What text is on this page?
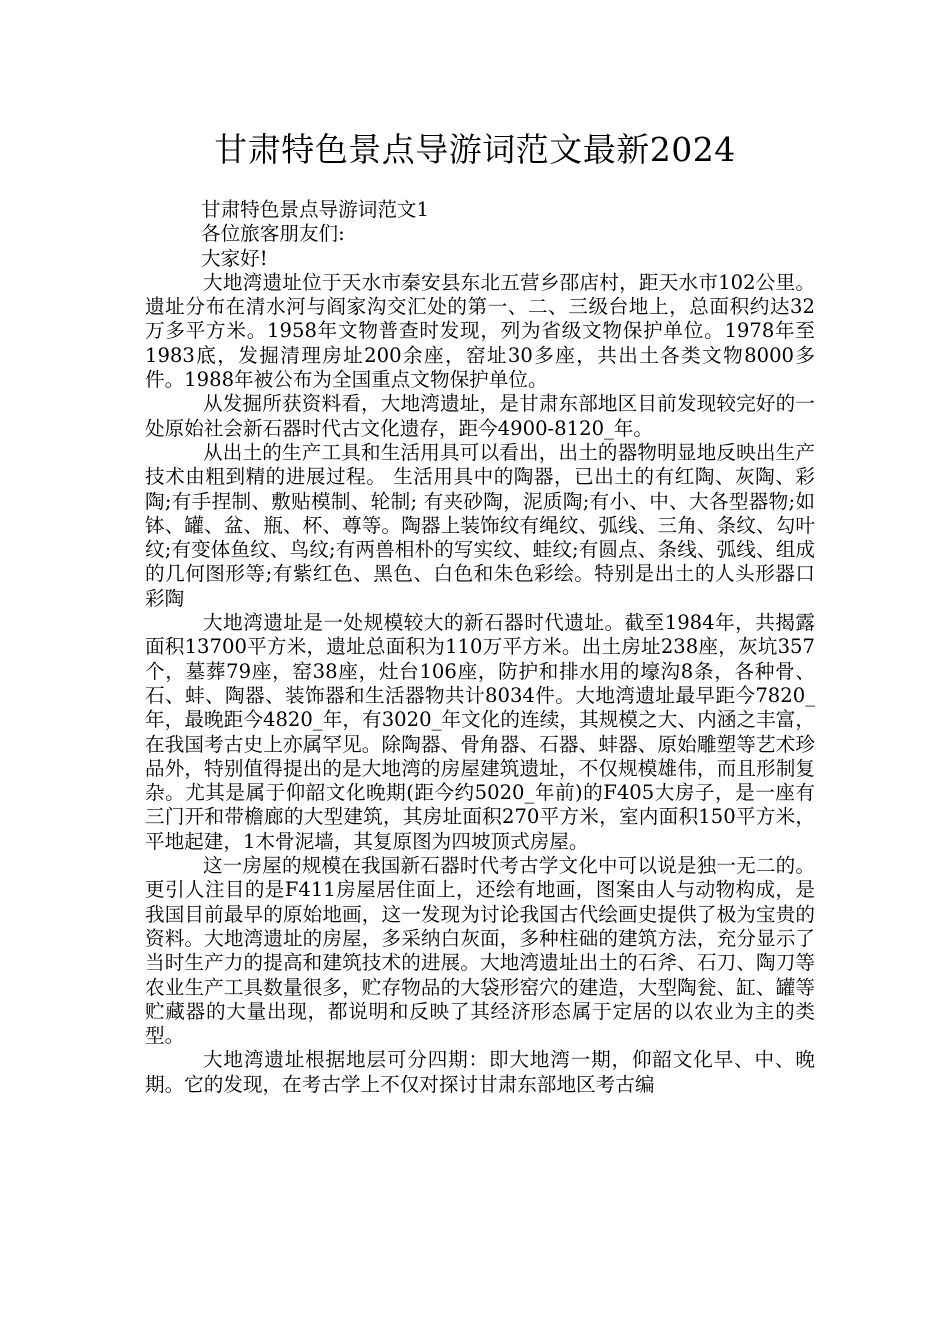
甘肃特色景点导游词范文最新2024

甘肃特色景点导游词范文1

各位旅客朋友们:

大家好!

大地湾遗址位于天水市秦安县东北五营乡邵店村，距天水市102公里。遗址分布在清水河与阎家沟交汇处的第一、二、三级台地上，总面积约达32万多平方米。1958年文物普查时发现，列为省级文物保护单位。1978年至1983底，发掘清理房址200余座，窑址30多座，共出土各类文物8000多件。1988年被公布为全国重点文物保护单位。

从发掘所获资料看，大地湾遗址，是甘肃东部地区目前发现较完好的一处原始社会新石器时代古文化遗存，距今4900-8120_年。

从出土的生产工具和生活用具可以看出，出土的器物明显地反映出生产技术由粗到精的进展过程。 生活用具中的陶器，已出土的有红陶、灰陶、彩陶;有手捏制、敷贴模制、轮制; 有夹砂陶，泥质陶;有小、中、大各型器物;如钵、罐、盆、瓶、杯、尊等。陶器上装饰纹有绳纹、弧线、三角、条纹、勾叶纹;有变体鱼纹、鸟纹;有两兽相朴的写实纹、蛙纹;有圆点、条线、弧线、组成的几何图形等;有紫红色、黑色、白色和朱色彩绘。特别是出土的人头形器口彩陶

大地湾遗址是一处规模较大的新石器时代遗址。截至1984年，共揭露面积13700平方米，遗址总面积为110万平方米。出土房址238座，灰坑357个，墓葬79座，窑38座，灶台106座，防护和排水用的壕沟8条，各种骨、石、蚌、陶器、装饰器和生活器物共计8034件。大地湾遗址最早距今7820_年，最晚距今4820_年，有3020_年文化的连续，其规模之大、内涵之丰富，在我国考古史上亦属罕见。除陶器、骨角器、石器、蚌器、原始雕塑等艺术珍品外，特别值得提出的是大地湾的房屋建筑遗址，不仅规模雄伟，而且形制复杂。尤其是属于仰韶文化晚期(距今约5020_年前)的F405大房子，是一座有三门开和带檐廊的大型建筑，其房址面积270平方米，室内面积150平方米，平地起建，1木骨泥墙，其复原图为四坡顶式房屋。

这一房屋的规模在我国新石器时代考古学文化中可以说是独一无二的。更引人注目的是F411房屋居住面上，还绘有地画，图案由人与动物构成，是我国目前最早的原始地画，这一发现为讨论我国古代绘画史提供了极为宝贵的资料。大地湾遗址的房屋，多采纳白灰面，多种柱础的建筑方法，充分显示了当时生产力的提高和建筑技术的进展。大地湾遗址出土的石斧、石刀、陶刀等农业生产工具数量很多，贮存物品的大袋形窑穴的建造，大型陶瓮、缸、罐等贮藏器的大量出现，都说明和反映了其经济形态属于定居的以农业为主的类型。

大地湾遗址根据地层可分四期：即大地湾一期，仰韶文化早、中、晚期。它的发现，在考古学上不仅对探讨甘肃东部地区考古编
